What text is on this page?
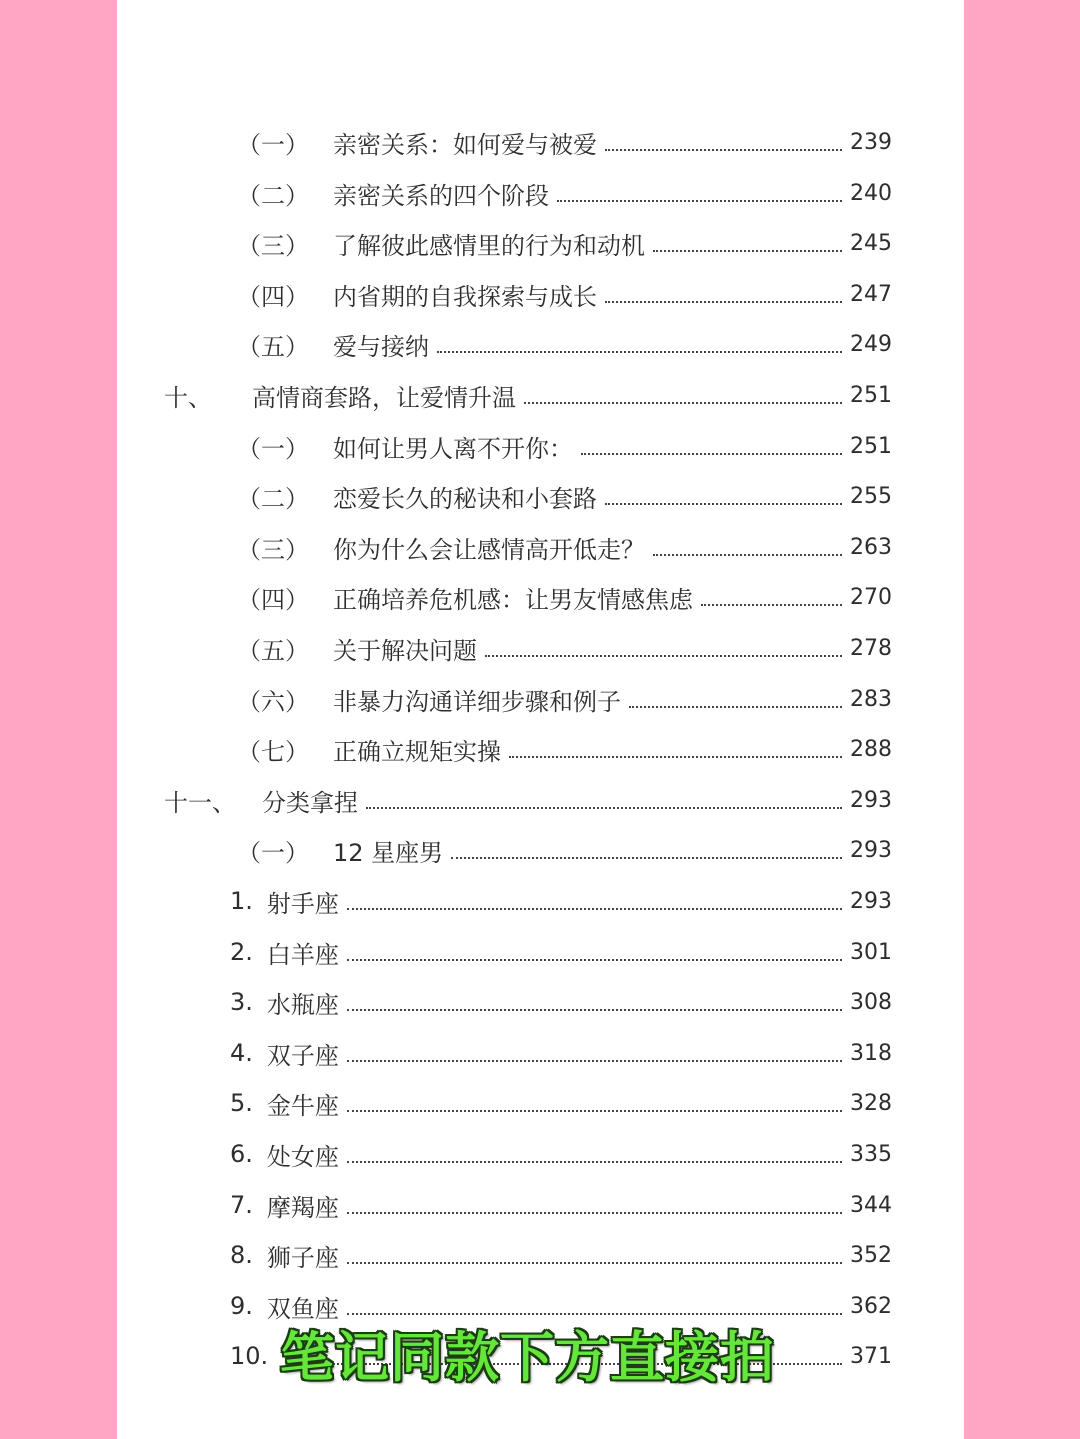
（一） 亲密关系：如何爱与被爱	239
（二） 亲密关系的四个阶段	240
（三） 了解彼此感情里的行为和动机	245
（四） 内省期的自我探索与成长	247
（五） 爱与接纳	249
十、 高情商套路，让爱情升温	251
（一） 如何让男人离不开你：	251
（二） 恋爱长久的秘诀和小套路	255
（三） 你为什么会让感情高开低走？	263
（四） 正确培养危机感：让男友情感焦虑	270
（五） 关于解决问题	278
（六） 非暴力沟通详细步骤和例子	283
（七） 正确立规矩实操	288
十一、 分类拿捏	293
（一） 12 星座男	293
1. 射手座	293
2. 白羊座	301
3. 水瓶座	308
4. 双子座	318
5. 金牛座	328
6. 处女座	335
7. 摩羯座	344
8. 狮子座	352
9. 双鱼座	362
10.	371
笔记同款下方直接拍
